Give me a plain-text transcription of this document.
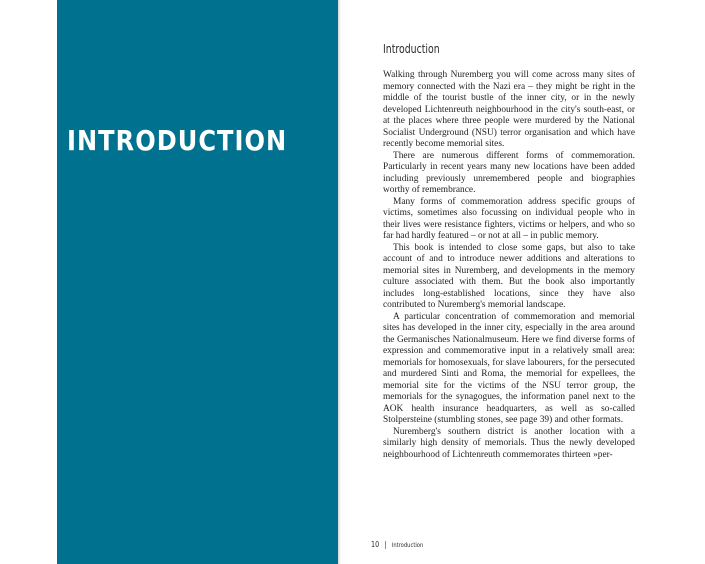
INTRODUCTION
Introduction

Walking through Nuremberg you will come across many sites of memory connected with the Nazi era – they might be right in the middle of the tourist bustle of the inner city, or in the newly developed Lichtenreuth neighbourhood in the city's south-east, or at the places where three people were murdered by the National Socialist Underground (NSU) terror organisation and which have recently become memorial sites.

There are numerous different forms of commemoration. Particularly in recent years many new locations have been added including previously unremembered people and biographies worthy of remembrance.

Many forms of commemoration address specific groups of victims, sometimes also focussing on individual people who in their lives were resistance fighters, victims or helpers, and who so far had hardly featured – or not at all – in public memory.

This book is intended to close some gaps, but also to take account of and to introduce newer additions and alterations to memorial sites in Nuremberg, and developments in the memory culture associated with them. But the book also importantly includes long-established locations, since they have also contributed to Nuremberg's memorial landscape.

A particular concentration of commemoration and memorial sites has developed in the inner city, especially in the area around the Germanisches Nationalmuseum. Here we find diverse forms of expression and commemorative input in a relatively small area: memorials for homosexuals, for slave labourers, for the persecuted and murdered Sinti and Roma, the memorial for expellees, the memorial site for the victims of the NSU terror group, the memorials for the synagogues, the information panel next to the AOK health insurance headquarters, as well as so-called Stolpersteine (stumbling stones, see page 39) and other formats.

Nuremberg's southern district is another location with a similarly high density of memorials. Thus the newly developed neighbourhood of Lichtenreuth commemorates thirteen »per-

10 | Introduction
